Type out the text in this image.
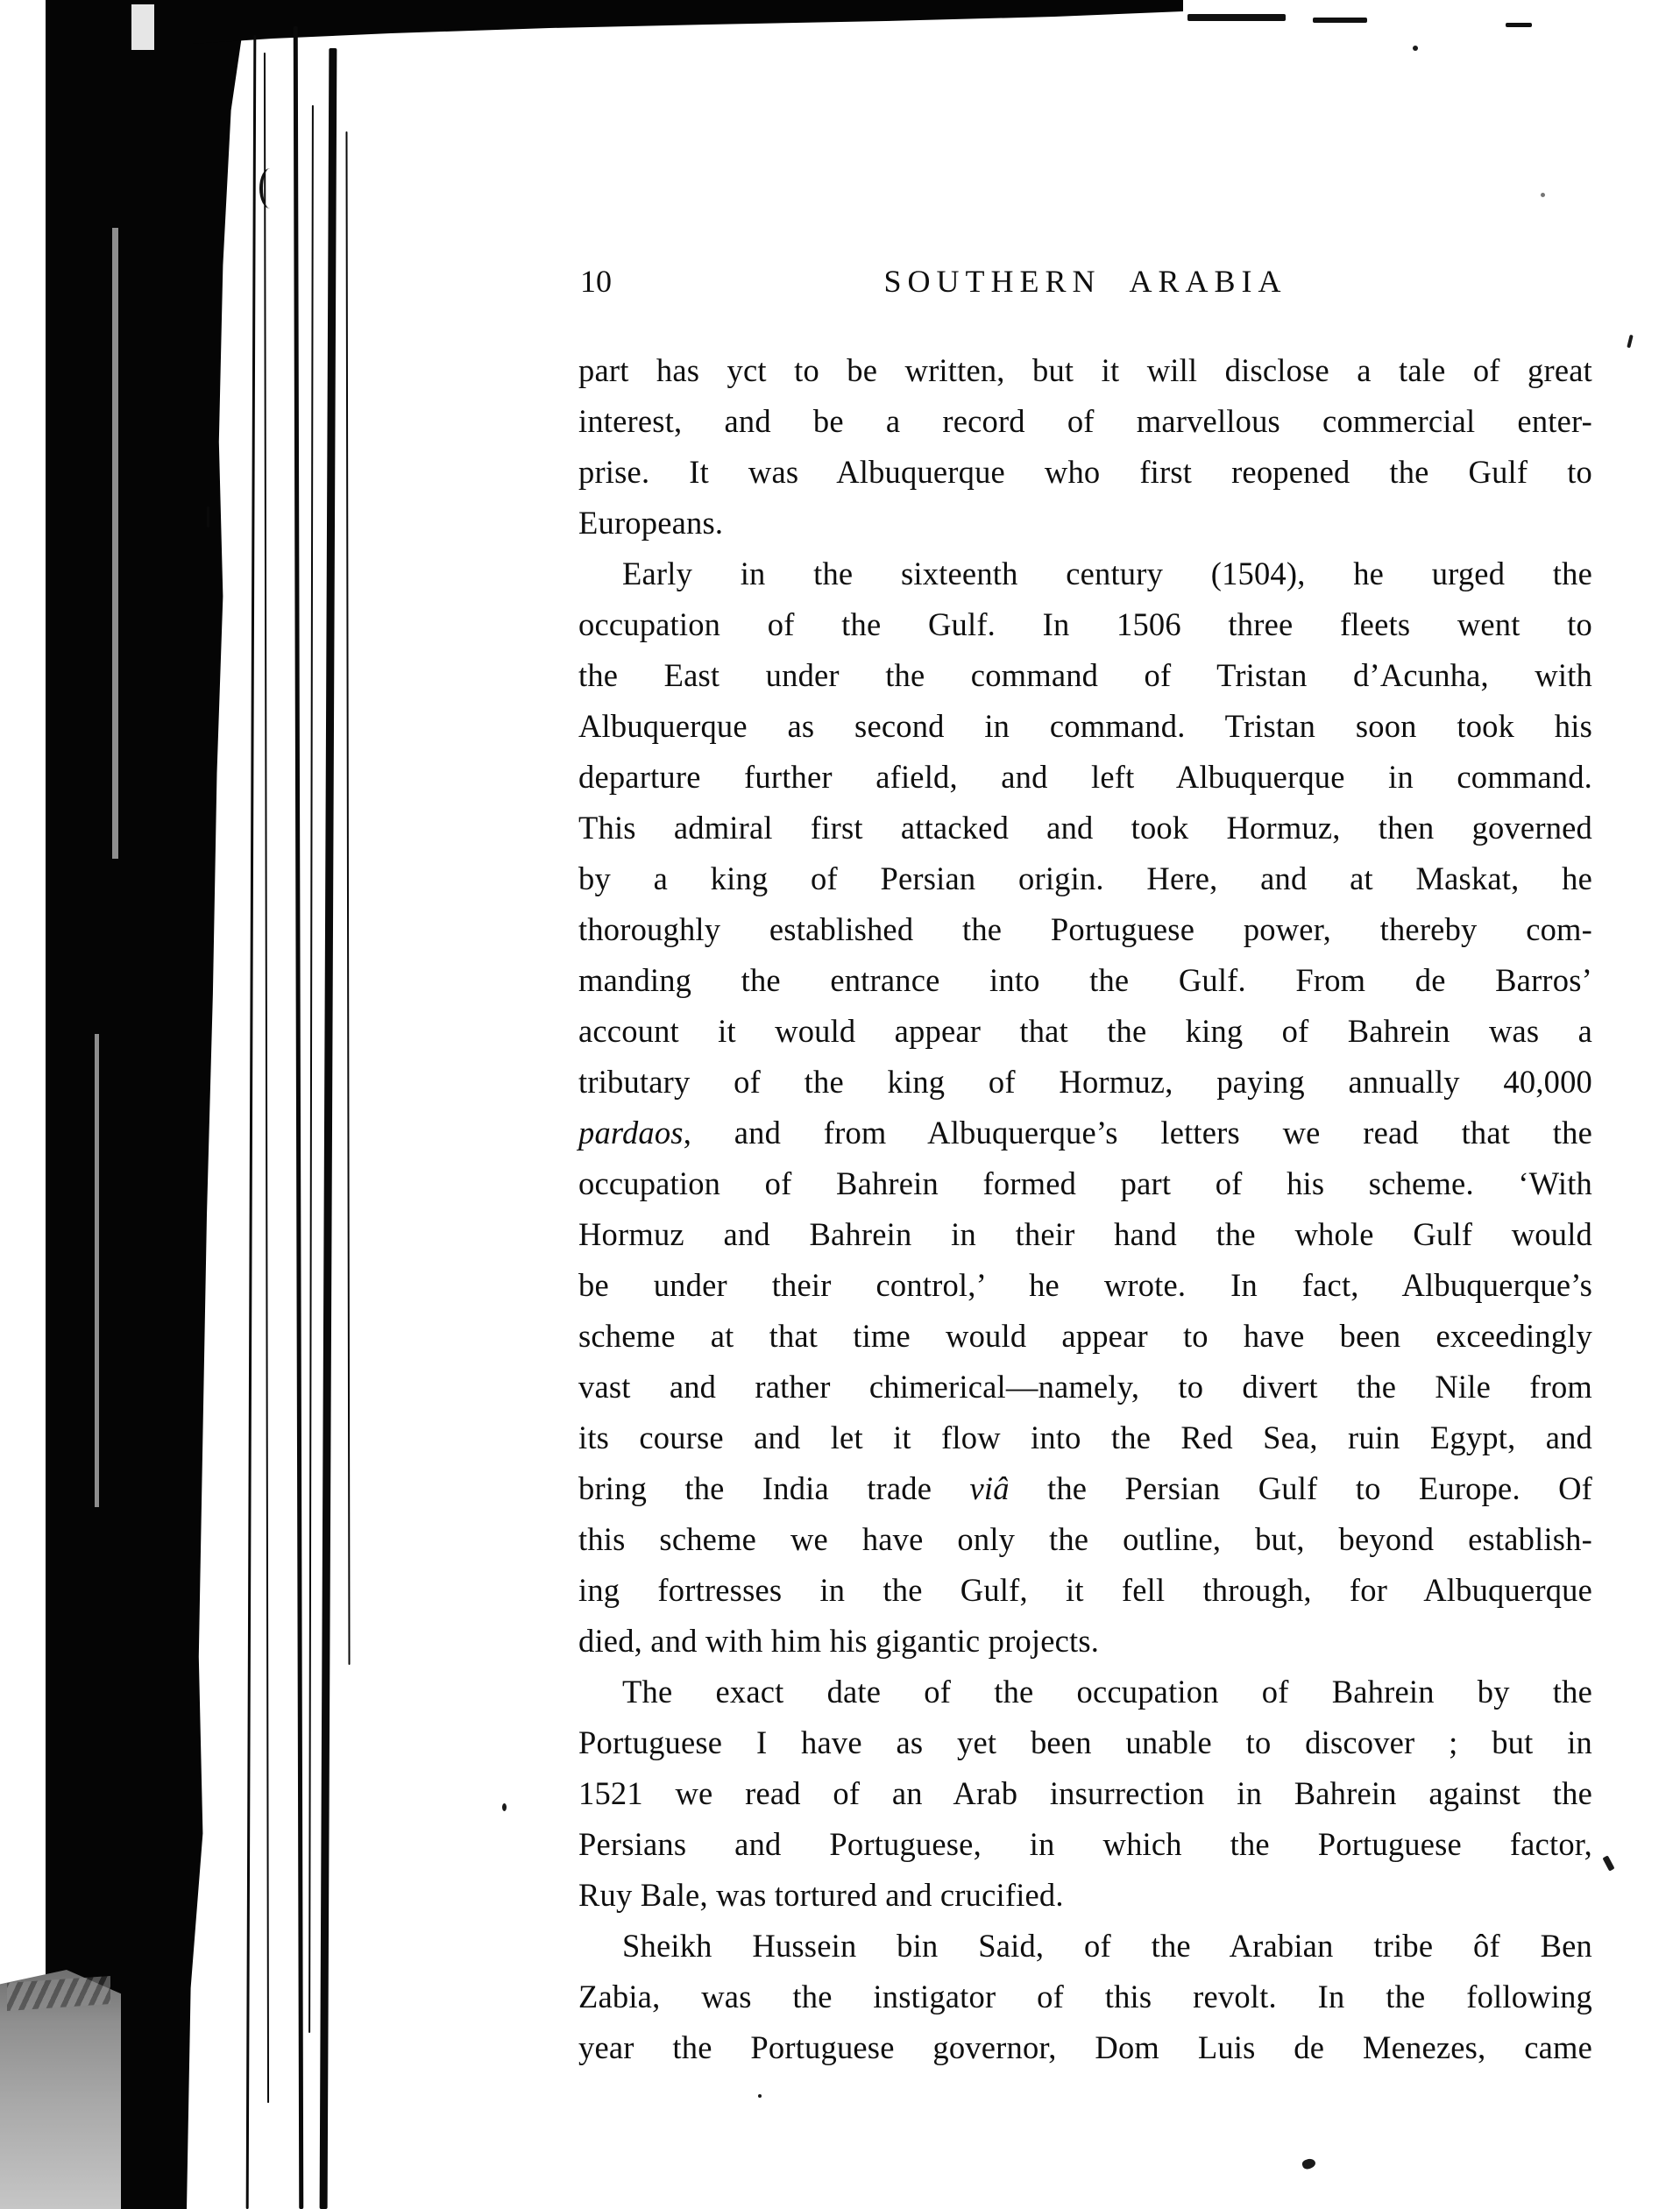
10	SOUTHERN ARABIA
part has yct to be written, but it will disclose a tale of great
interest, and be a record of marvellous commercial enter-
prise. It was Albuquerque who first reopened the Gulf to
Europeans.
Early in the sixteenth century (1504), he urged the
occupation of the Gulf. In 1506 three fleets went to
the East under the command of Tristan d’Acunha, with
Albuquerque as second in command. Tristan soon took his
departure further afield, and left Albuquerque in command.
This admiral first attacked and took Hormuz, then governed
by a king of Persian origin. Here, and at Maskat, he
thoroughly established the Portuguese power, thereby com-
manding the entrance into the Gulf. From de Barros’
account it would appear that the king of Bahrein was a
tributary of the king of Hormuz, paying annually 40,000
pardaos, and from Albuquerque’s letters we read that the
occupation of Bahrein formed part of his scheme. ‘With
Hormuz and Bahrein in their hand the whole Gulf would
be under their control,’ he wrote. In fact, Albuquerque’s
scheme at that time would appear to have been exceedingly
vast and rather chimerical—namely, to divert the Nile from
its course and let it flow into the Red Sea, ruin Egypt, and
bring the India trade viâ the Persian Gulf to Europe. Of
this scheme we have only the outline, but, beyond establish-
ing fortresses in the Gulf, it fell through, for Albuquerque
died, and with him his gigantic projects.
The exact date of the occupation of Bahrein by the
Portuguese I have as yet been unable to discover ; but in
1521 we read of an Arab insurrection in Bahrein against the
Persians and Portuguese, in which the Portuguese factor,
Ruy Bale, was tortured and crucified.
Sheikh Hussein bin Said, of the Arabian tribe ôf Ben
Zabia, was the instigator of this revolt. In the following
year the Portuguese governor, Dom Luis de Menezes, came
